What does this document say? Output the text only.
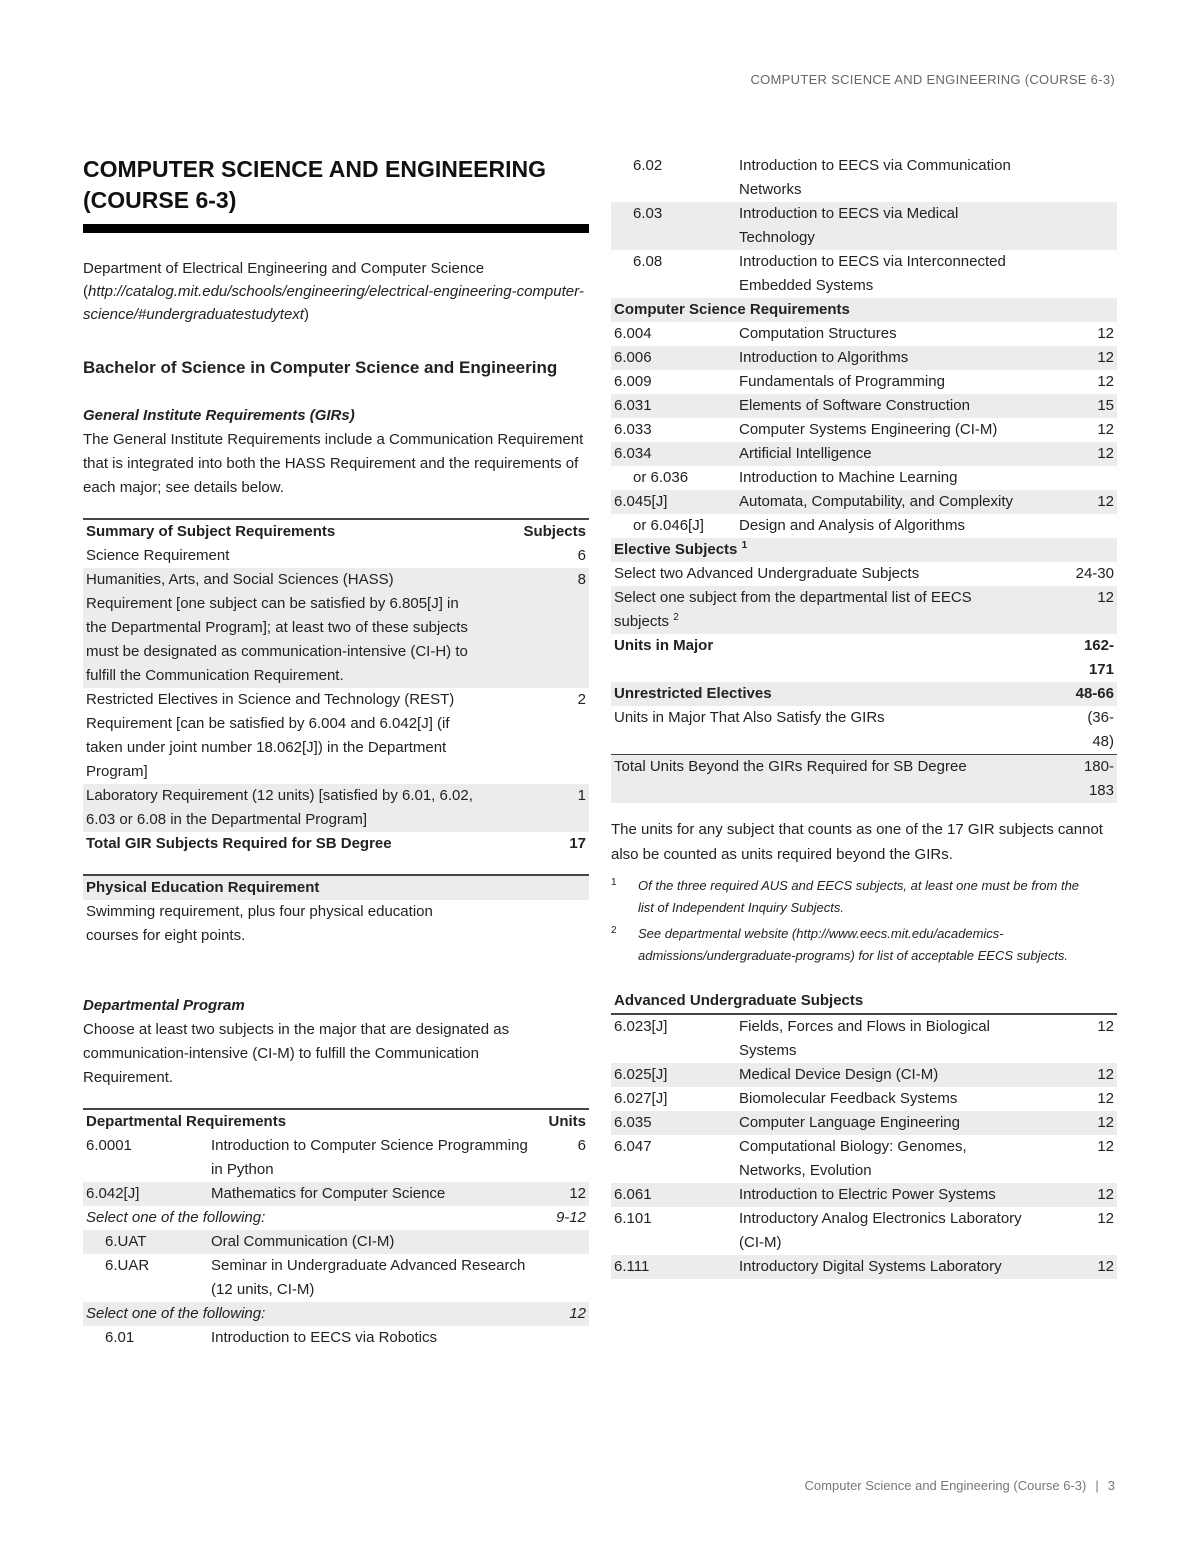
COMPUTER SCIENCE AND ENGINEERING (COURSE 6-3)
COMPUTER SCIENCE AND ENGINEERING (COURSE 6-3)
Department of Electrical Engineering and Computer Science (http://catalog.mit.edu/schools/engineering/electrical-engineering-computer-science/#undergraduatestudytext)
Bachelor of Science in Computer Science and Engineering
General Institute Requirements (GIRs)

The General Institute Requirements include a Communication Requirement that is integrated into both the HASS Requirement and the requirements of each major; see details below.

Summary of Subject Requirements	Subjects
Science Requirement	6
Humanities, Arts, and Social Sciences (HASS) Requirement [one subject can be satisfied by 6.805[J] in the Departmental Program]; at least two of these subjects must be designated as communication-intensive (CI-H) to fulfill the Communication Requirement.	8
Restricted Electives in Science and Technology (REST) Requirement [can be satisfied by 6.004 and 6.042[J] (if taken under joint number 18.062[J]) in the Department Program]	2
Laboratory Requirement (12 units) [satisfied by 6.01, 6.02, 6.03 or 6.08 in the Departmental Program]	1
Total GIR Subjects Required for SB Degree	17
Physical Education Requirement
Swimming requirement, plus four physical education courses for eight points.
Departmental Program

Choose at least two subjects in the major that are designated as communication-intensive (CI-M) to fulfill the Communication Requirement.

Departmental Requirements		Units
6.0001	Introduction to Computer Science Programming in Python	6
6.042[J]	Mathematics for Computer Science	12
Select one of the following:		9-12
6.UAT	Oral Communication (CI-M)	
6.UAR	Seminar in Undergraduate Advanced Research (12 units, CI-M)	
Select one of the following:		12
6.01	Introduction to EECS via Robotics	
6.02	Introduction to EECS via Communication Networks	
6.03	Introduction to EECS via Medical Technology	
6.08	Introduction to EECS via Interconnected Embedded Systems	
Computer Science Requirements		
6.004	Computation Structures	12
6.006	Introduction to Algorithms	12
6.009	Fundamentals of Programming	12
6.031	Elements of Software Construction	15
6.033	Computer Systems Engineering (CI-M)	12
6.034	Artificial Intelligence	12
or 6.036	Introduction to Machine Learning	
6.045[J]	Automata, Computability, and Complexity	12
or 6.046[J]	Design and Analysis of Algorithms	
Elective Subjects $^1$
Select two Advanced Undergraduate Subjects		24-30
Select one subject from the departmental list of EECS subjects $^2$		12
Units in Major		162-171
Unrestricted Electives		48-66
Units in Major That Also Satisfy the GIRs		(36-48)
Total Units Beyond the GIRs Required for SB Degree		180-183

The units for any subject that counts as one of the 17 GIR subjects cannot also be counted as units required beyond the GIRs.

1	Of the three required AUS and EECS subjects, at least one must be from the list of Independent Inquiry Subjects.
2	See departmental website (http://www.eecs.mit.edu/academics-admissions/undergraduate-programs) for list of acceptable EECS subjects.
Advanced Undergraduate Subjects		
6.023[J]	Fields, Forces and Flows in Biological Systems	12
6.025[J]	Medical Device Design (CI-M)	12
6.027[J]	Biomolecular Feedback Systems	12
6.035	Computer Language Engineering	12
6.047	Computational Biology: Genomes, Networks, Evolution	12
6.061	Introduction to Electric Power Systems	12
6.101	Introductory Analog Electronics Laboratory (CI-M)	12
6.111	Introductory Digital Systems Laboratory	12
Computer Science and Engineering (Course 6-3) | 3
